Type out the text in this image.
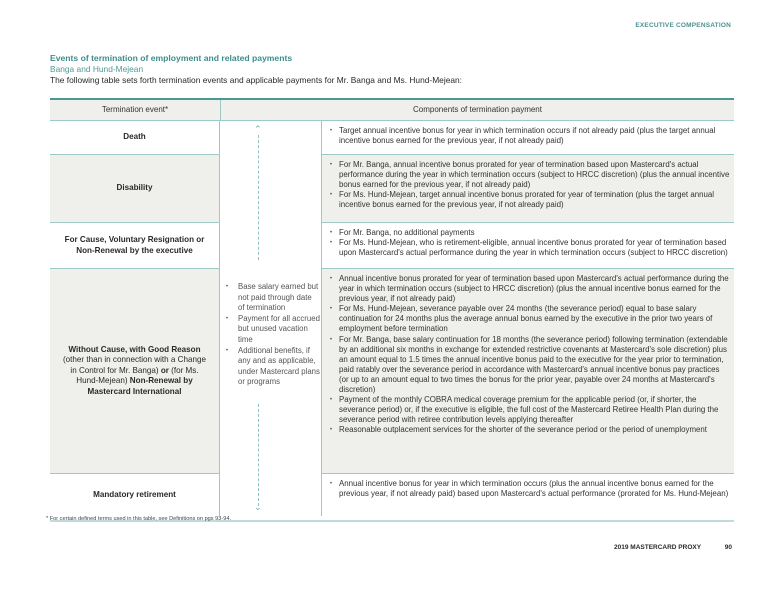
EXECUTIVE COMPENSATION
Events of termination of employment and related payments
Banga and Hund-Mejean
The following table sets forth termination events and applicable payments for Mr. Banga and Ms. Hund-Mejean:
Termination event*	Components of termination payment
Death
• Target annual incentive bonus for year in which termination occurs if not already paid (plus the target annual incentive bonus earned for the previous year, if not already paid)
Disability
• For Mr. Banga, annual incentive bonus prorated for year of termination based upon Mastercard's actual performance during the year in which termination occurs (subject to HRCC discretion) (plus the annual incentive bonus earned for the previous year, if not already paid)
• For Ms. Hund-Mejean, target annual incentive bonus prorated for year of termination (plus the target annual incentive bonus earned for the previous year, if not already paid)
For Cause, Voluntary Resignation or Non-Renewal by the executive
• For Mr. Banga, no additional payments
• For Ms. Hund-Mejean, who is retirement-eligible, annual incentive bonus prorated for year of termination based upon Mastercard's actual performance during the year in which termination occurs (subject to HRCC discretion)
Without Cause, with Good Reason (other than in connection with a Change in Control for Mr. Banga) or (for Ms. Hund-Mejean) Non-Renewal by Mastercard International
• Annual incentive bonus prorated for year of termination based upon Mastercard's actual performance during the year in which termination occurs (subject to HRCC discretion) (plus the annual incentive bonus earned for the previous year, if not already paid)
• For Ms. Hund-Mejean, severance payable over 24 months (the severance period) equal to base salary continuation for 24 months plus the average annual bonus earned by the executive in the prior two years of employment before termination
• For Mr. Banga, base salary continuation for 18 months (the severance period) following termination (extendable by an additional six months in exchange for extended restrictive covenants at Mastercard's sole discretion) plus an amount equal to 1.5 times the annual incentive bonus paid to the executive for the year prior to termination, paid ratably over the severance period in accordance with Mastercard's annual incentive bonus pay practices (or up to an amount equal to two times the bonus for the prior year, payable over 24 months at Mastercard's discretion)
• Payment of the monthly COBRA medical coverage premium for the applicable period (or, if shorter, the severance period) or, if the executive is eligible, the full cost of the Mastercard Retiree Health Plan during the severance period with retiree contribution levels applying thereafter
• Reasonable outplacement services for the shorter of the severance period or the period of unemployment
Mandatory retirement
• Annual incentive bonus for year in which termination occurs (plus the annual incentive bonus earned for the previous year, if not already paid) based upon Mastercard's actual performance (prorated for Ms. Hund-Mejean)
⌃
• Base salary earned but not paid through date of termination
• Payment for all accrued but unused vacation time
• Additional benefits, if any and as applicable, under Mastercard plans or programs
⌄
* For certain defined terms used in this table, see Definitions on pgs 93-94.
2019 MASTERCARD PROXY	90
